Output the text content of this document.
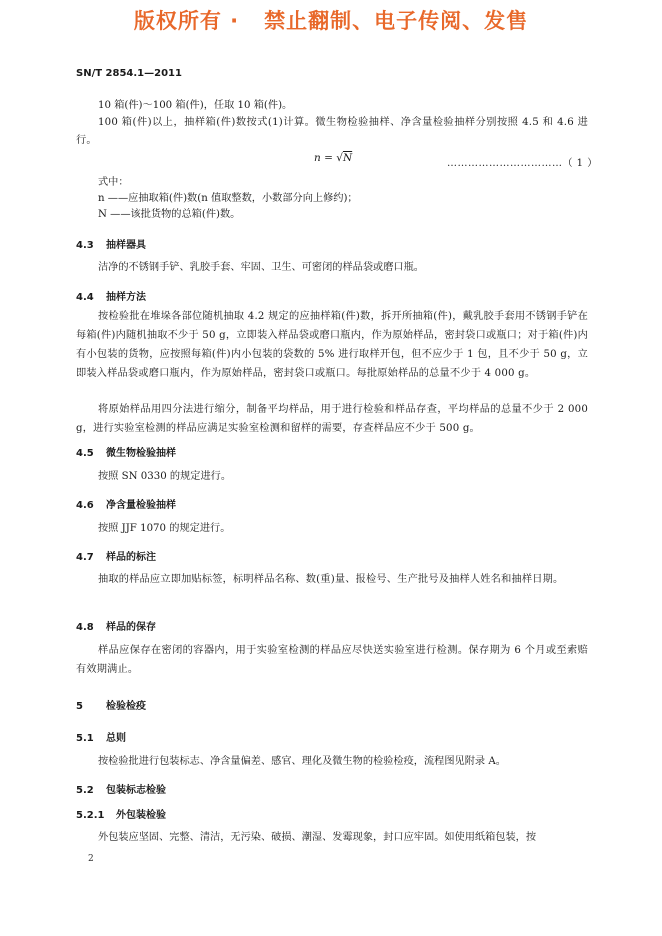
版权所有 ·   禁止翻制、电子传阅、发售
SN/T 2854.1—2011
10 箱(件)～100 箱(件)，任取 10 箱(件)。
100 箱(件)以上，抽样箱(件)数按式(1)计算。微生物检验抽样、净含量检验抽样分别按照 4.5 和 4.6 进行。
n = √N	……………………………（ 1 ）
式中：
n ——应抽取箱(件)数(n 值取整数，小数部分向上修约)；
N ——该批货物的总箱(件)数。
4.3 抽样器具
洁净的不锈钢手铲、乳胶手套、牢固、卫生、可密闭的样品袋或磨口瓶。
4.4 抽样方法
按检验批在堆垛各部位随机抽取 4.2 规定的应抽样箱(件)数，拆开所抽箱(件)，戴乳胶手套用不锈钢手铲在每箱(件)内随机抽取不少于 50 g，立即装入样品袋或磨口瓶内，作为原始样品，密封袋口或瓶口；对于箱(件)内有小包装的货物，应按照每箱(件)内小包装的袋数的 5% 进行取样开包，但不应少于 1 包，且不少于 50 g，立即装入样品袋或磨口瓶内，作为原始样品，密封袋口或瓶口。每批原始样品的总量不少于 4 000 g。
将原始样品用四分法进行缩分，制备平均样品，用于进行检验和样品存查，平均样品的总量不少于 2 000 g，进行实验室检测的样品应满足实验室检测和留样的需要，存查样品应不少于 500 g。
4.5 微生物检验抽样
按照 SN 0330 的规定进行。
4.6 净含量检验抽样
按照 JJF 1070 的规定进行。
4.7 样品的标注
抽取的样品应立即加贴标签，标明样品名称、数(重)量、报检号、生产批号及抽样人姓名和抽样日期。
4.8 样品的保存
样品应保存在密闭的容器内，用于实验室检测的样品应尽快送实验室进行检测。保存期为 6 个月或至索赔有效期满止。
5 检验检疫
5.1 总则
按检验批进行包装标志、净含量偏差、感官、理化及微生物的检验检疫，流程图见附录 A。
5.2 包装标志检验
5.2.1 外包装检验
外包装应坚固、完整、清洁，无污染、破损、潮湿、发霉现象，封口应牢固。如使用纸箱包装，按
2
